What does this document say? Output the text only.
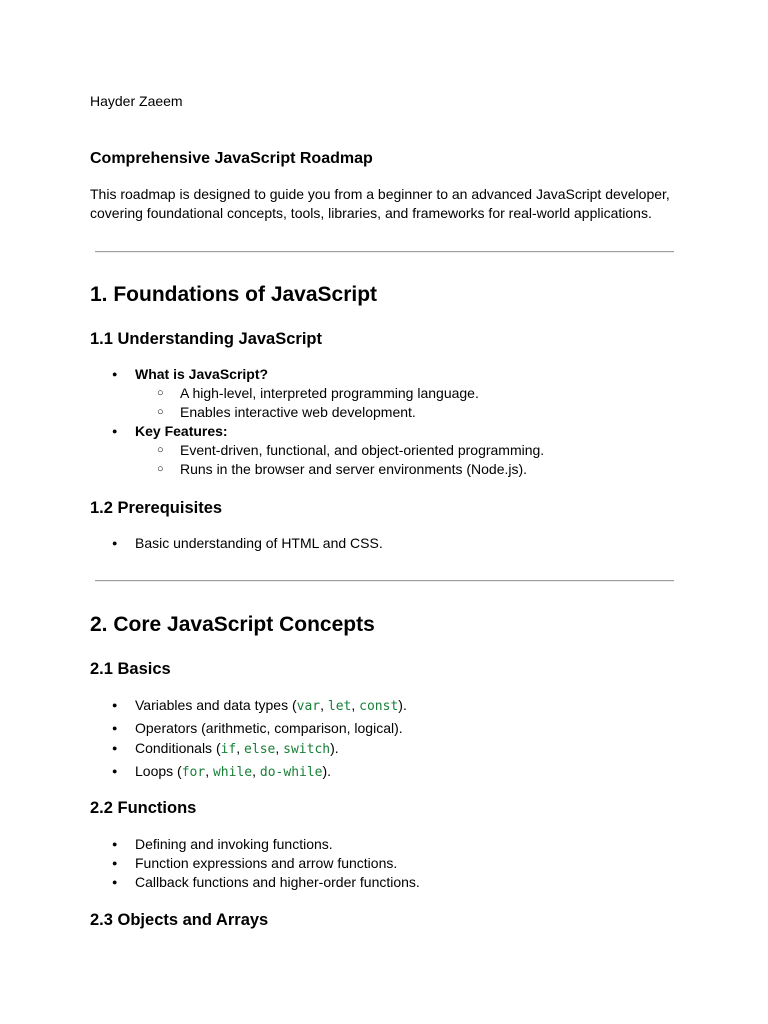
Hayder Zaeem
Comprehensive JavaScript Roadmap

This roadmap is designed to guide you from a beginner to an advanced JavaScript developer, covering foundational concepts, tools, libraries, and frameworks for real-world applications.

1. Foundations of JavaScript
1.1 Understanding JavaScript
● What is JavaScript?
○ A high-level, interpreted programming language.
○ Enables interactive web development.
● Key Features:
○ Event-driven, functional, and object-oriented programming.
○ Runs in the browser and server environments (Node.js).
1.2 Prerequisites
● Basic understanding of HTML and CSS.
2. Core JavaScript Concepts
2.1 Basics
● Variables and data types (var, let, const).
● Operators (arithmetic, comparison, logical).
● Conditionals (if, else, switch).
● Loops (for, while, do-while).
2.2 Functions
● Defining and invoking functions.
● Function expressions and arrow functions.
● Callback functions and higher-order functions.
2.3 Objects and Arrays
